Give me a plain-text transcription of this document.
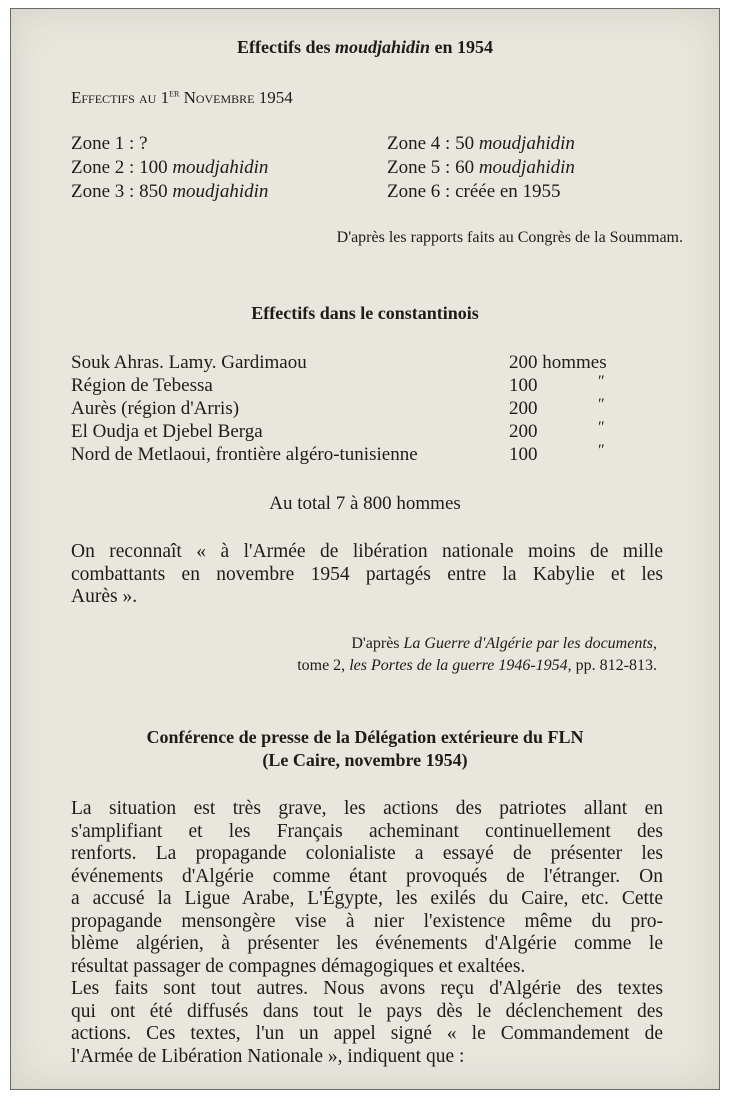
Effectifs des moudjahidin en 1954
Effectifs au 1er Novembre 1954
Zone 1 : ?
Zone 2 : 100 moudjahidin
Zone 3 : 850 moudjahidin
Zone 4 : 50 moudjahidin
Zone 5 : 60 moudjahidin
Zone 6 : créée en 1955
D'après les rapports faits au Congrès de la Soummam.
Effectifs dans le constantinois
Souk Ahras. Lamy. Gardimaou	200 hommes
Région de Tebessa	100	″
Aurès (région d'Arris)	200	″
El Oudja et Djebel Berga	200	″
Nord de Metlaoui, frontière algéro-tunisienne	100	″
Au total 7 à 800 hommes
On reconnaît « à l'Armée de libération nationale moins de mille
combattants en novembre 1954 partagés entre la Kabylie et les
Aurès ».
D'après La Guerre d'Algérie par les documents,
tome 2, les Portes de la guerre 1946-1954, pp. 812-813.
Conférence de presse de la Délégation extérieure du FLN
(Le Caire, novembre 1954)
La situation est très grave, les actions des patriotes allant en
s'amplifiant et les Français acheminant continuellement des
renforts. La propagande colonialiste a essayé de présenter les
événements d'Algérie comme étant provoqués de l'étranger. On
a accusé la Ligue Arabe, L'Égypte, les exilés du Caire, etc. Cette
propagande mensongère vise à nier l'existence même du pro-
blème algérien, à présenter les événements d'Algérie comme le
résultat passager de compagnes démagogiques et exaltées.
Les faits sont tout autres. Nous avons reçu d'Algérie des textes
qui ont été diffusés dans tout le pays dès le déclenchement des
actions. Ces textes, l'un un appel signé « le Commandement de
l'Armée de Libération Nationale », indiquent que :
